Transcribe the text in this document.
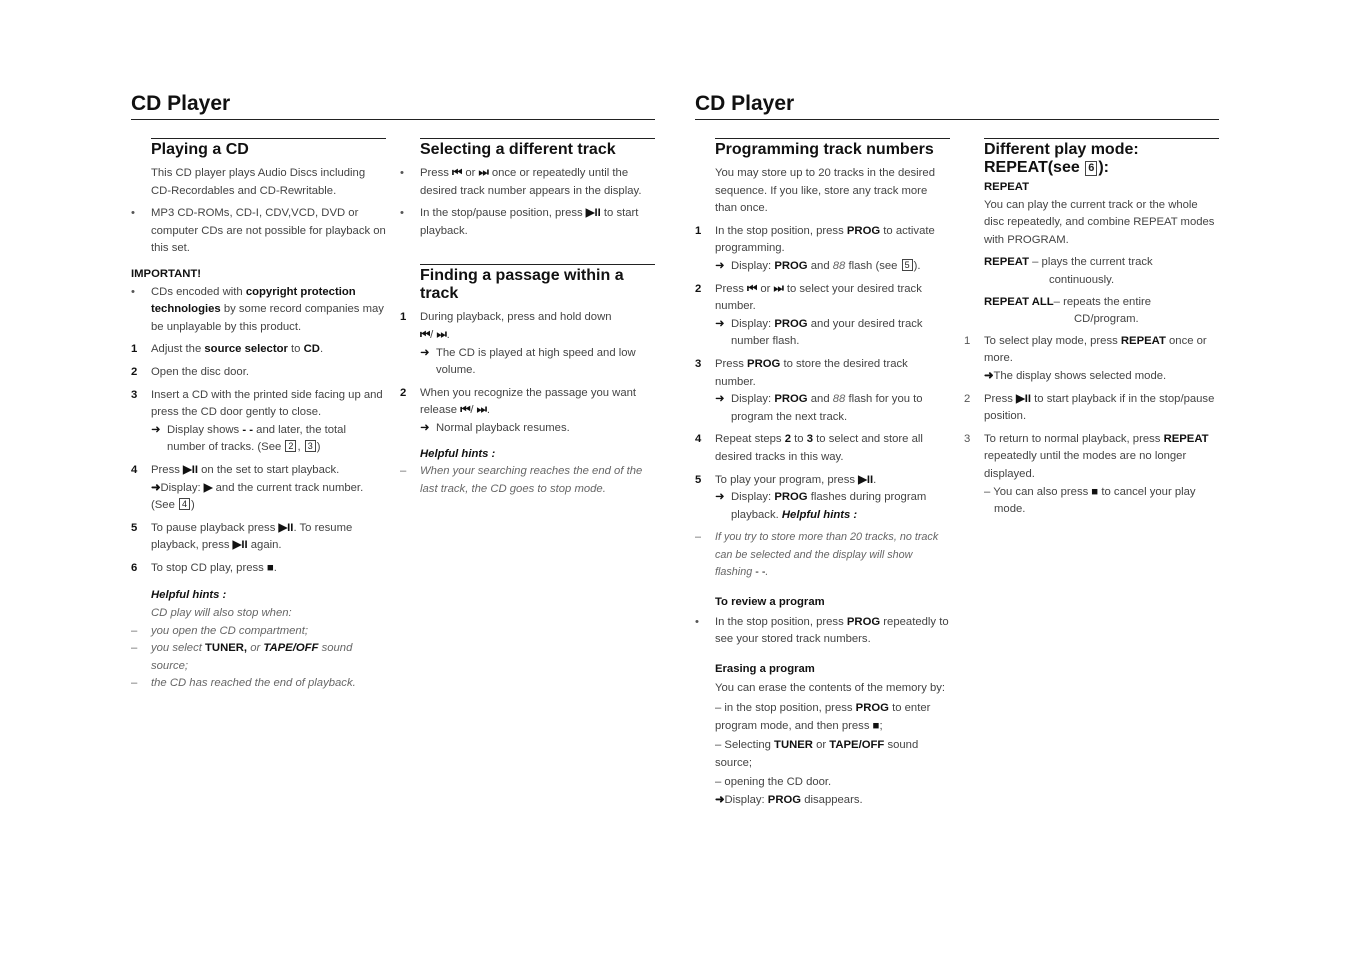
CD Player
Playing a CD

This CD player plays Audio Discs including CD-Recordables and CD-Rewritable.

• MP3 CD-ROMs, CD-I, CDV,VCD, DVD or computer CDs are not possible for playback on this set.

IMPORTANT!

• CDs encoded with copyright protection technologies by some record companies may be unplayable by this product.
1 Adjust the source selector to CD.
2 Open the disc door.
3 Insert a CD with the printed side facing up and press the CD door gently to close.
➜ Display shows - - and later, the total number of tracks. (See 2 , 3 )
4 Press ▶II on the set to start playback.
➜Display: ▶ and the current track number. (See 4 )
5 To pause playback press ▶II. To resume playback, press ▶II again.
6 To stop CD play, press ■.
Helpful hints :
CD play will also stop when:
– you open the CD compartment;
– you select TUNER, or TAPE/OFF sound source;
– the CD has reached the end of playback.
Selecting a different track
• Press ⏮ or ⏭ once or repeatedly until the desired track number appears in the display.
• In the stop/pause position, press ▶II to start playback.
Finding a passage within a track
1 During playback, press and hold down
⏮/ ⏭.
➜ The CD is played at high speed and low volume.
2 When you recognize the passage you want release ⏮/ ⏭.
➜ Normal playback resumes.
Helpful hints :
– When your searching reaches the end of the last track, the CD goes to stop mode.
CD Player
Programming track numbers

You may store up to 20 tracks in the desired sequence. If you like, store any track more than once.

1 In the stop position, press PROG to activate programming.
➜ Display: PROG and 88 flash (see 5 ).
2 Press ⏮ or ⏭ to select your desired track number.
➜ Display: PROG and your desired track number flash.
3 Press PROG to store the desired track number.
➜ Display: PROG and 88 flash for you to program the next track.
4 Repeat steps 2 to 3 to select and store all desired tracks in this way.
5 To play your program, press ▶II.
➜ Display: PROG flashes during program playback. Helpful hints :
– If you try to store more than 20 tracks, no track can be selected and the display will show flashing - -.

To review a program

• In the stop position, press PROG repeatedly to see your stored track numbers.

Erasing a program

You can erase the contents of the memory by:
– in the stop position, press PROG to enter program mode, and then press ■;
– Selecting TUNER or TAPE/OFF sound source;
– opening the CD door.
➜Display: PROG disappears.
Different play mode: REPEAT(see 6 ):

REPEAT

You can play the current track or the whole disc repeatedly, and combine REPEAT modes with PROGRAM.

REPEAT – plays the current track
continuously.
REPEAT ALL– repeats the entire
CD/program.
1 To select play mode, press REPEAT once or more.
➜The display shows selected mode.
2 Press ▶II to start playback if in the stop/pause position.
3 To return to normal playback, press REPEAT repeatedly until the modes are no longer displayed.
– You can also press ■ to cancel your play mode.
